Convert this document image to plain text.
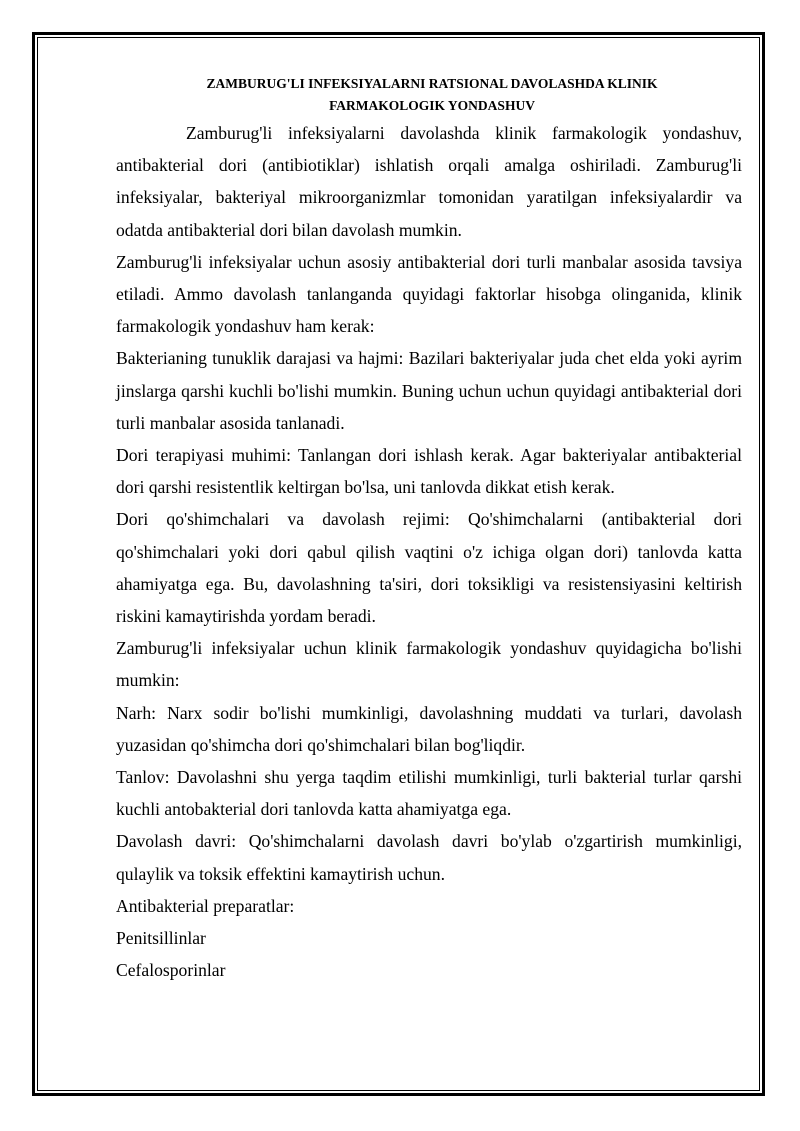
ZAMBURUG'LI INFEKSIYALARNI RATSIONAL DAVOLASHDA KLINIK
FARMAKOLOGIK YONDASHUV

Zamburug'li infeksiyalarni davolashda klinik farmakologik yondashuv, antibakterial dori (antibiotiklar) ishlatish orqali amalga oshiriladi. Zamburug'li infeksiyalar, bakteriyal mikroorganizmlar tomonidan yaratilgan infeksiyalardir va odatda antibakterial dori bilan davolash mumkin.

Zamburug'li infeksiyalar uchun asosiy antibakterial dori turli manbalar asosida tavsiya etiladi. Ammo davolash tanlanganda quyidagi faktorlar hisobga olinganida, klinik farmakologik yondashuv ham kerak:

Bakterianing tunuklik darajasi va hajmi: Bazilari bakteriyalar juda chet elda yoki ayrim jinslarga qarshi kuchli bo'lishi mumkin. Buning uchun uchun quyidagi antibakterial dori turli manbalar asosida tanlanadi.

Dori terapiyasi muhimi: Tanlangan dori ishlash kerak. Agar bakteriyalar antibakterial dori qarshi resistentlik keltirgan bo'lsa, uni tanlovda dikkat etish kerak.

Dori qo'shimchalari va davolash rejimi: Qo'shimchalarni (antibakterial dori qo'shimchalari yoki dori qabul qilish vaqtini o'z ichiga olgan dori) tanlovda katta ahamiyatga ega. Bu, davolashning ta'siri, dori toksikligi va resistensiyasini keltirish riskini kamaytirishda yordam beradi.

Zamburug'li infeksiyalar uchun klinik farmakologik yondashuv quyidagicha bo'lishi mumkin:

Narh: Narx sodir bo'lishi mumkinligi, davolashning muddati va turlari, davolash yuzasidan qo'shimcha dori qo'shimchalari bilan bog'liqdir.

Tanlov: Davolashni shu yerga taqdim etilishi mumkinligi, turli bakterial turlar qarshi kuchli antobakterial dori tanlovda katta ahamiyatga ega.

Davolash davri: Qo'shimchalarni davolash davri bo'ylab o'zgartirish mumkinligi, qulaylik va toksik effektini kamaytirish uchun.

Antibakterial preparatlar:

Penitsillinlar

Cefalosporinlar
